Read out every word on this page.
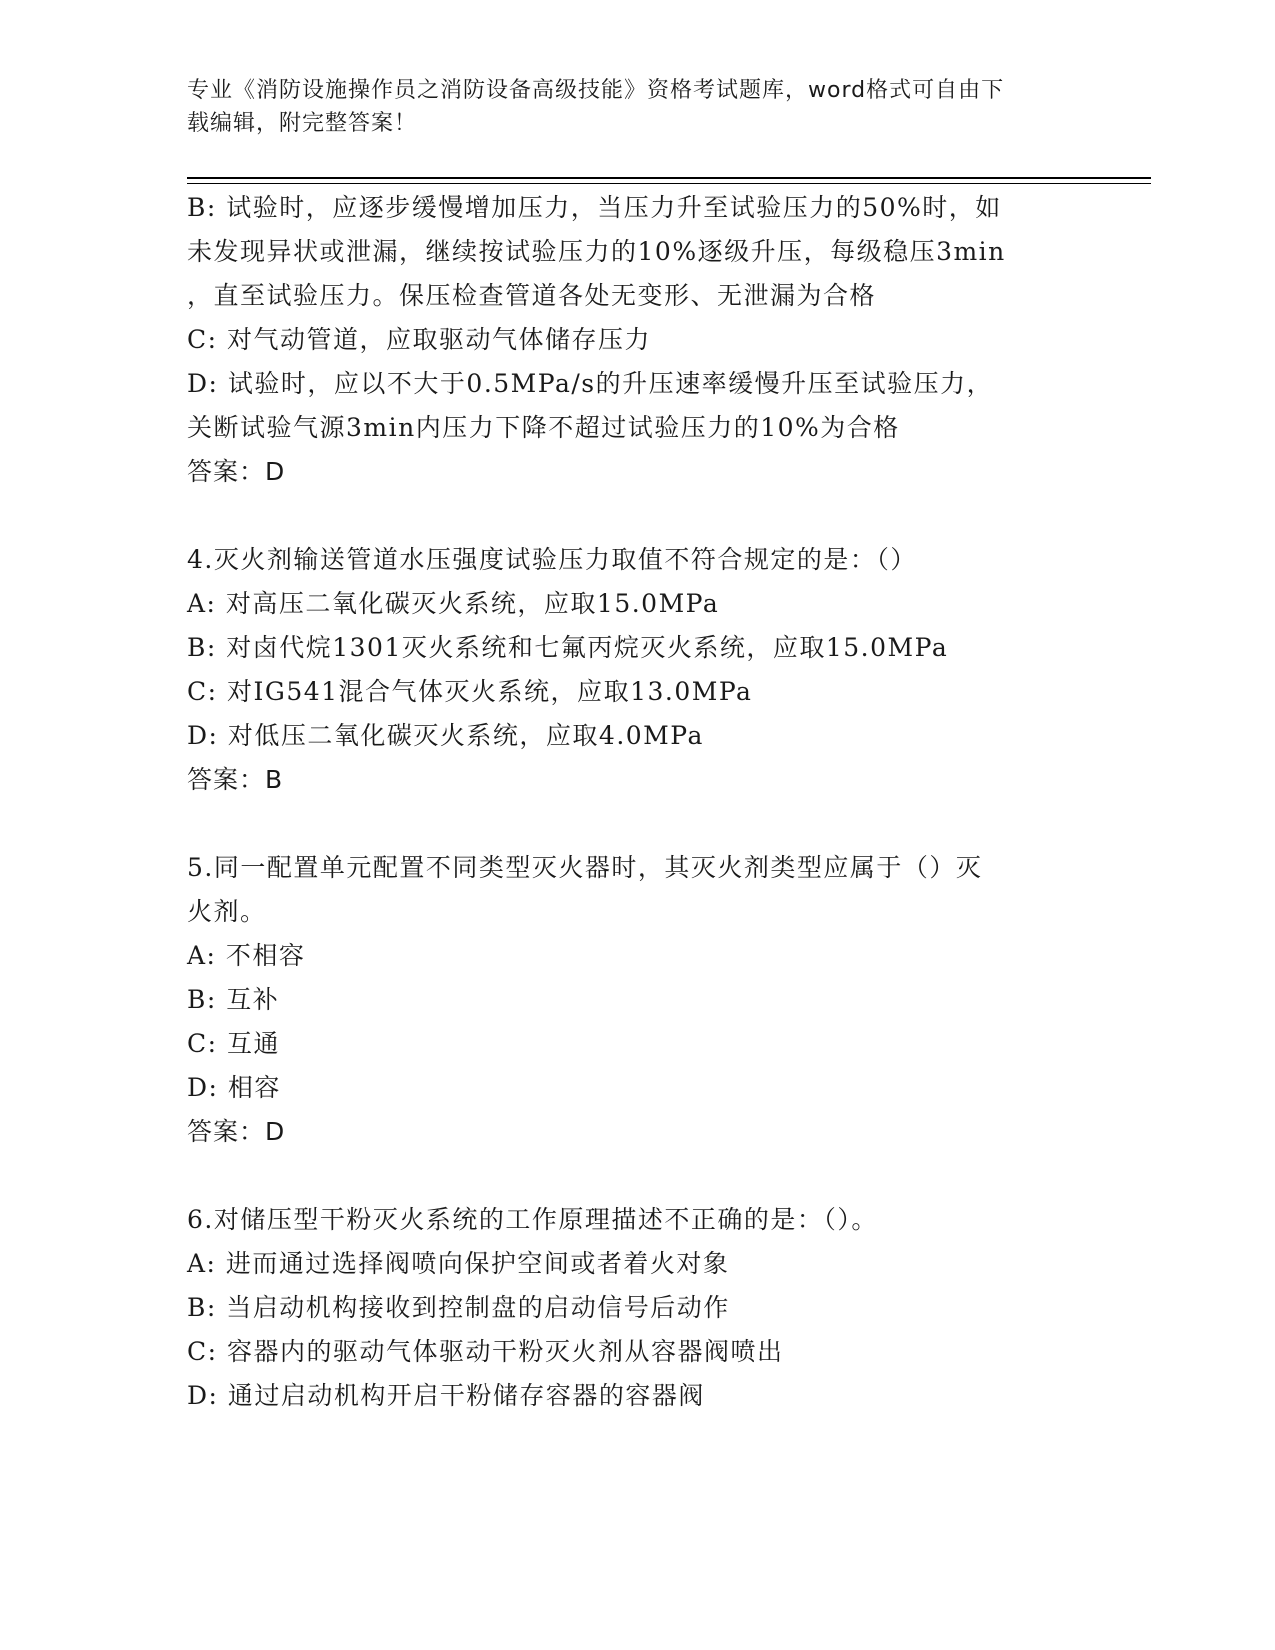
专业《消防设施操作员之消防设备高级技能》资格考试题库，word格式可自由下
载编辑，附完整答案！
B: 试验时，应逐步缓慢增加压力，当压力升至试验压力的50%时，如
未发现异状或泄漏，继续按试验压力的10%逐级升压，每级稳压3min
，直至试验压力。保压检查管道各处无变形、无泄漏为合格
C: 对气动管道，应取驱动气体储存压力
D: 试验时，应以不大于0.5MPa/s的升压速率缓慢升压至试验压力，
关断试验气源3min内压力下降不超过试验压力的10%为合格
答案：D
4.灭火剂输送管道水压强度试验压力取值不符合规定的是：（）
A: 对高压二氧化碳灭火系统，应取15.0MPa
B: 对卤代烷1301灭火系统和七氟丙烷灭火系统，应取15.0MPa
C: 对IG541混合气体灭火系统，应取13.0MPa
D: 对低压二氧化碳灭火系统，应取4.0MPa
答案：B
5.同一配置单元配置不同类型灭火器时，其灭火剂类型应属于（）灭
火剂。
A: 不相容
B: 互补
C: 互通
D: 相容
答案：D
6.对储压型干粉灭火系统的工作原理描述不正确的是：（）。
A: 进而通过选择阀喷向保护空间或者着火对象
B: 当启动机构接收到控制盘的启动信号后动作
C: 容器内的驱动气体驱动干粉灭火剂从容器阀喷出
D: 通过启动机构开启干粉储存容器的容器阀
